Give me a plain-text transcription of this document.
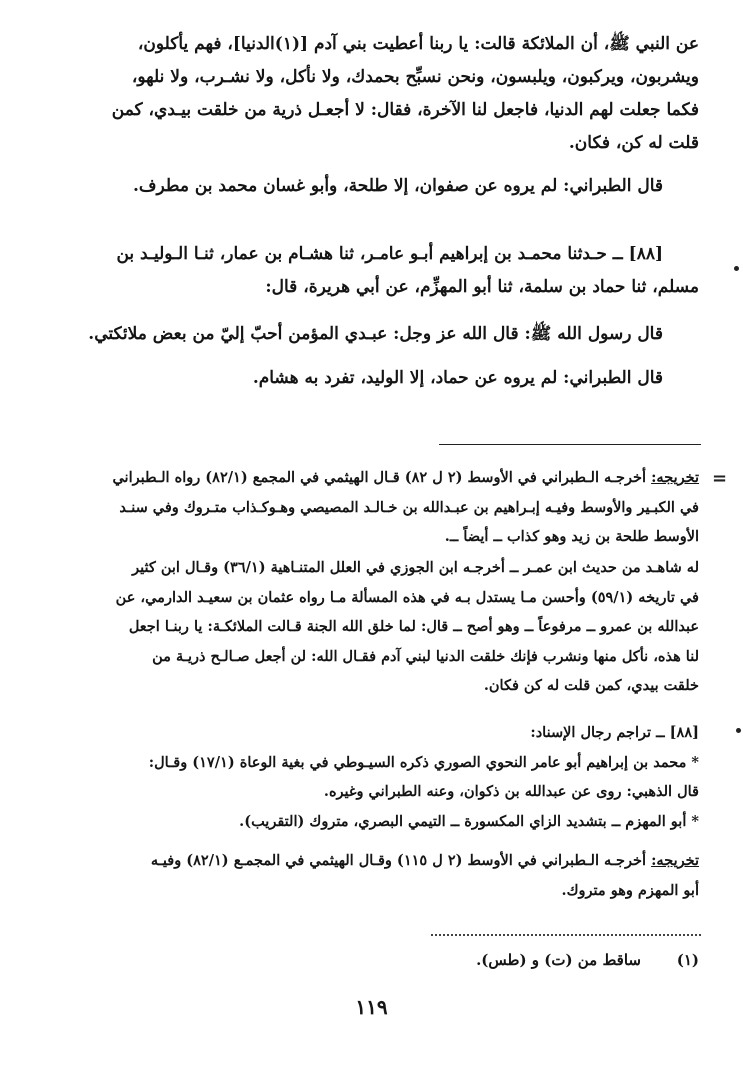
عن النبي ﷺ، أن الملائكة قالت: يا ربنا أعطيت بني آدم [(١)الدنيا]، فهم يأكلون،
ويشربون، ويركبون، ويلبسون، ونحن نسبِّح بحمدك، ولا نأكل، ولا نشـرب، ولا نلهو،
فكما جعلت لهم الدنيا، فاجعل لنا الآخرة، فقال: لا أجعـل ذرية من خلقت بيـدي، كمن
قلت له كن، فكان.
قال الطبراني: لم يروه عن صفوان، إلا طلحة، وأبو غسان محمد بن مطرف.
[٨٨] ــ حـدثنا محمـد بن إبراهيم أبـو عامـر، ثنا هشـام بن عمار، ثنـا الـوليـد بن
مسلم، ثنا حماد بن سلمة، ثنا أبو المهزِّم، عن أبي هريرة، قال:
قال رسول الله ﷺ: قال الله عز وجل: عبـدي المؤمن أحبّ إليّ من بعض ملائكتي.
قال الطبراني: لم يروه عن حماد، إلا الوليد، تفرد به هشام.
=
تخريجه: أخرجـه الـطبراني في الأوسط (٢ ل ٨٢) قـال الهيثمي في المجمع (٨٢/١) رواه الـطبراني
في الكبـير والأوسط وفيـه إبـراهيم بن عبـدالله بن خـالـد المصيصي وهـوكـذاب متـروك وفي سنـد
الأوسط طلحة بن زيد وهو كذاب ــ أيضاً ــ.
له شاهـد من حديث ابن عمـر ــ أخرجـه ابن الجوزي في العلل المتنـاهية (٣٦/١) وقـال ابن كثير
في تاريخه (٥٩/١) وأحسن مـا يستدل بـه في هذه المسألة مـا رواه عثمان بن سعيـد الدارمي، عن
عبدالله بن عمرو ــ مرفوعاً ــ وهو أصح ــ قال: لما خلق الله الجنة قـالت الملائكـة: يا ربنـا اجعل
لنا هذه، نأكل منها ونشرب فإنك خلقت الدنيا لبني آدم فقـال الله: لن أجعل صـالـح ذريـة من
خلقت بيدي، كمن قلت له كن فكان.
[٨٨] ــ تراجم رجال الإسناد:
* محمد بن إبراهيم أبو عامر النحوي الصوري ذكره السيـوطي في بغية الوعاة (١٧/١) وقـال:
قال الذهبي: روى عن عبدالله بن ذكوان، وعنه الطبراني وغيره.
* أبو المهزم ــ بتشديد الزاي المكسورة ــ التيمي البصري، متروك (التقريب).
تخريجه: أخرجـه الـطبراني في الأوسط (٢ ل ١١٥) وقـال الهيثمي في المجمـع (٨٢/١) وفيـه
أبو المهزم وهو متروك.
(١)ساقط من (ت) و (طس).
١١٩
